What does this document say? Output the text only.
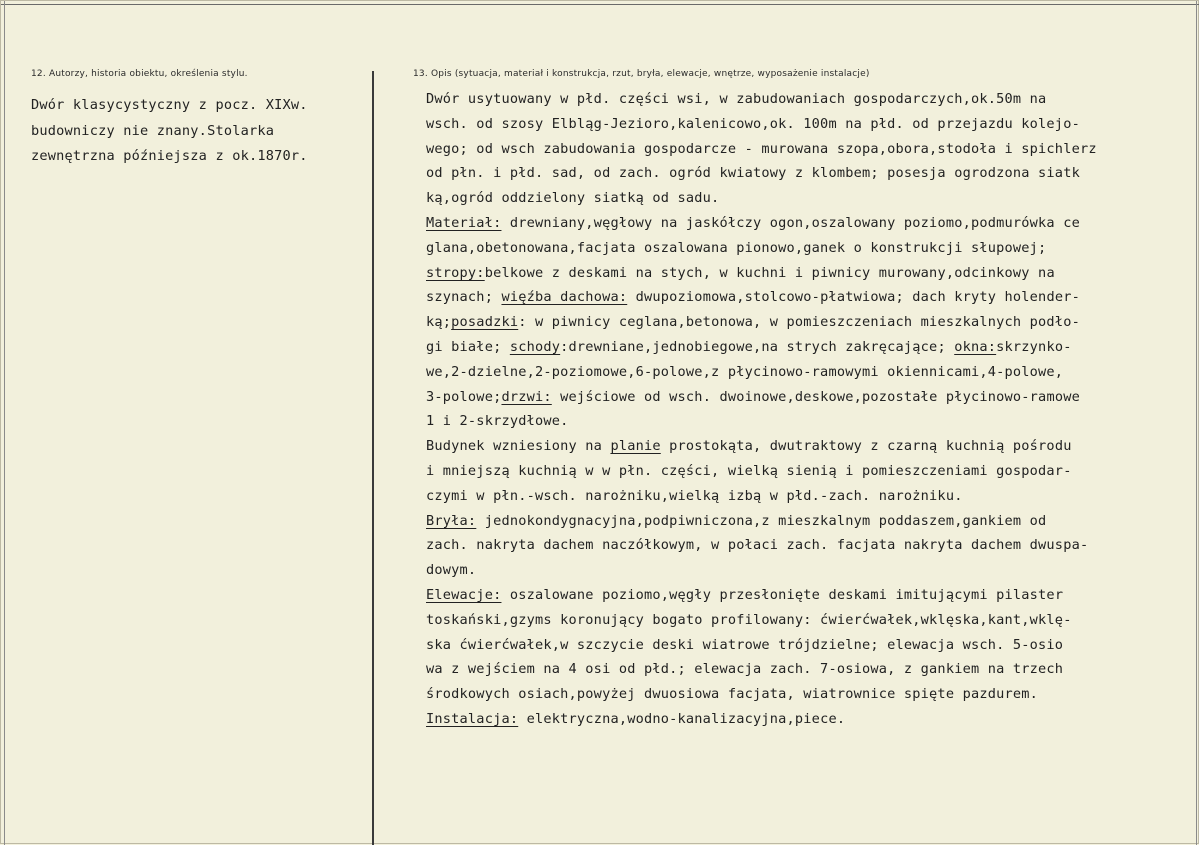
12. Autorzy, historia obiektu, określenia stylu.	13. Opis (sytuacja, materiał i konstrukcja, rzut, bryła, elewacje, wnętrze, wyposażenie instalacje)
Dwór klasycystyczny z pocz. XIXw.
budowniczy nie znany.Stolarka
zewnętrzna późniejsza z ok.1870r.
Dwór usytuowany w płd. części wsi, w zabudowaniach gospodarczych,ok.50m na
wsch. od szosy Elbląg-Jezioro,kalenicowo,ok. 100m na płd. od przejazdu kolejo-
wego; od wsch zabudowania gospodarcze - murowana szopa,obora,stodoła i spichlerz
od płn. i płd. sad, od zach. ogród kwiatowy z klombem; posesja ogrodzona siatk
ką,ogród oddzielony siatką od sadu.
Materiał: drewniany,węgłowy na jaskółczy ogon,oszalowany poziomo,podmurówka ce
glana,obetonowana,facjata oszalowana pionowo,ganek o konstrukcji słupowej;
stropy:belkowe z deskami na stych, w kuchni i piwnicy murowany,odcinkowy na
szynach; więźba dachowa: dwupoziomowa,stolcowo-płatwiowa; dach kryty holender-
ką;posadzki: w piwnicy ceglana,betonowa, w pomieszczeniach mieszkalnych podło-
gi białe; schody:drewniane,jednobiegowe,na strych zakręcające; okna:skrzynko-
we,2-dzielne,2-poziomowe,6-polowe,z płycinowo-ramowymi okiennicami,4-polowe,
3-polowe;drzwi: wejściowe od wsch. dwoinowe,deskowe,pozostałe płycinowo-ramowe
1 i 2-skrzydłowe.
Budynek wzniesiony na planie prostokąta, dwutraktowy z czarną kuchnią pośrodu
i mniejszą kuchnią w w płn. części, wielką sienią i pomieszczeniami gospodar-
czymi w płn.-wsch. narożniku,wielką izbą w płd.-zach. narożniku.
Bryła: jednokondygnacyjna,podpiwniczona,z mieszkalnym poddaszem,gankiem od
zach. nakryta dachem naczółkowym, w połaci zach. facjata nakryta dachem dwuspa-
dowym.
Elewacje: oszalowane poziomo,węgły przesłonięte deskami imitującymi pilaster
toskański,gzyms koronujący bogato profilowany: ćwierćwałek,wklęska,kant,wklę-
ska ćwierćwałek,w szczycie deski wiatrowe trójdzielne; elewacja wsch. 5-osio
wa z wejściem na 4 osi od płd.; elewacja zach. 7-osiowa, z gankiem na trzech
środkowych osiach,powyżej dwuosiowa facjata, wiatrownice spięte pazdurem.
Instalacja: elektryczna,wodno-kanalizacyjna,piece.
